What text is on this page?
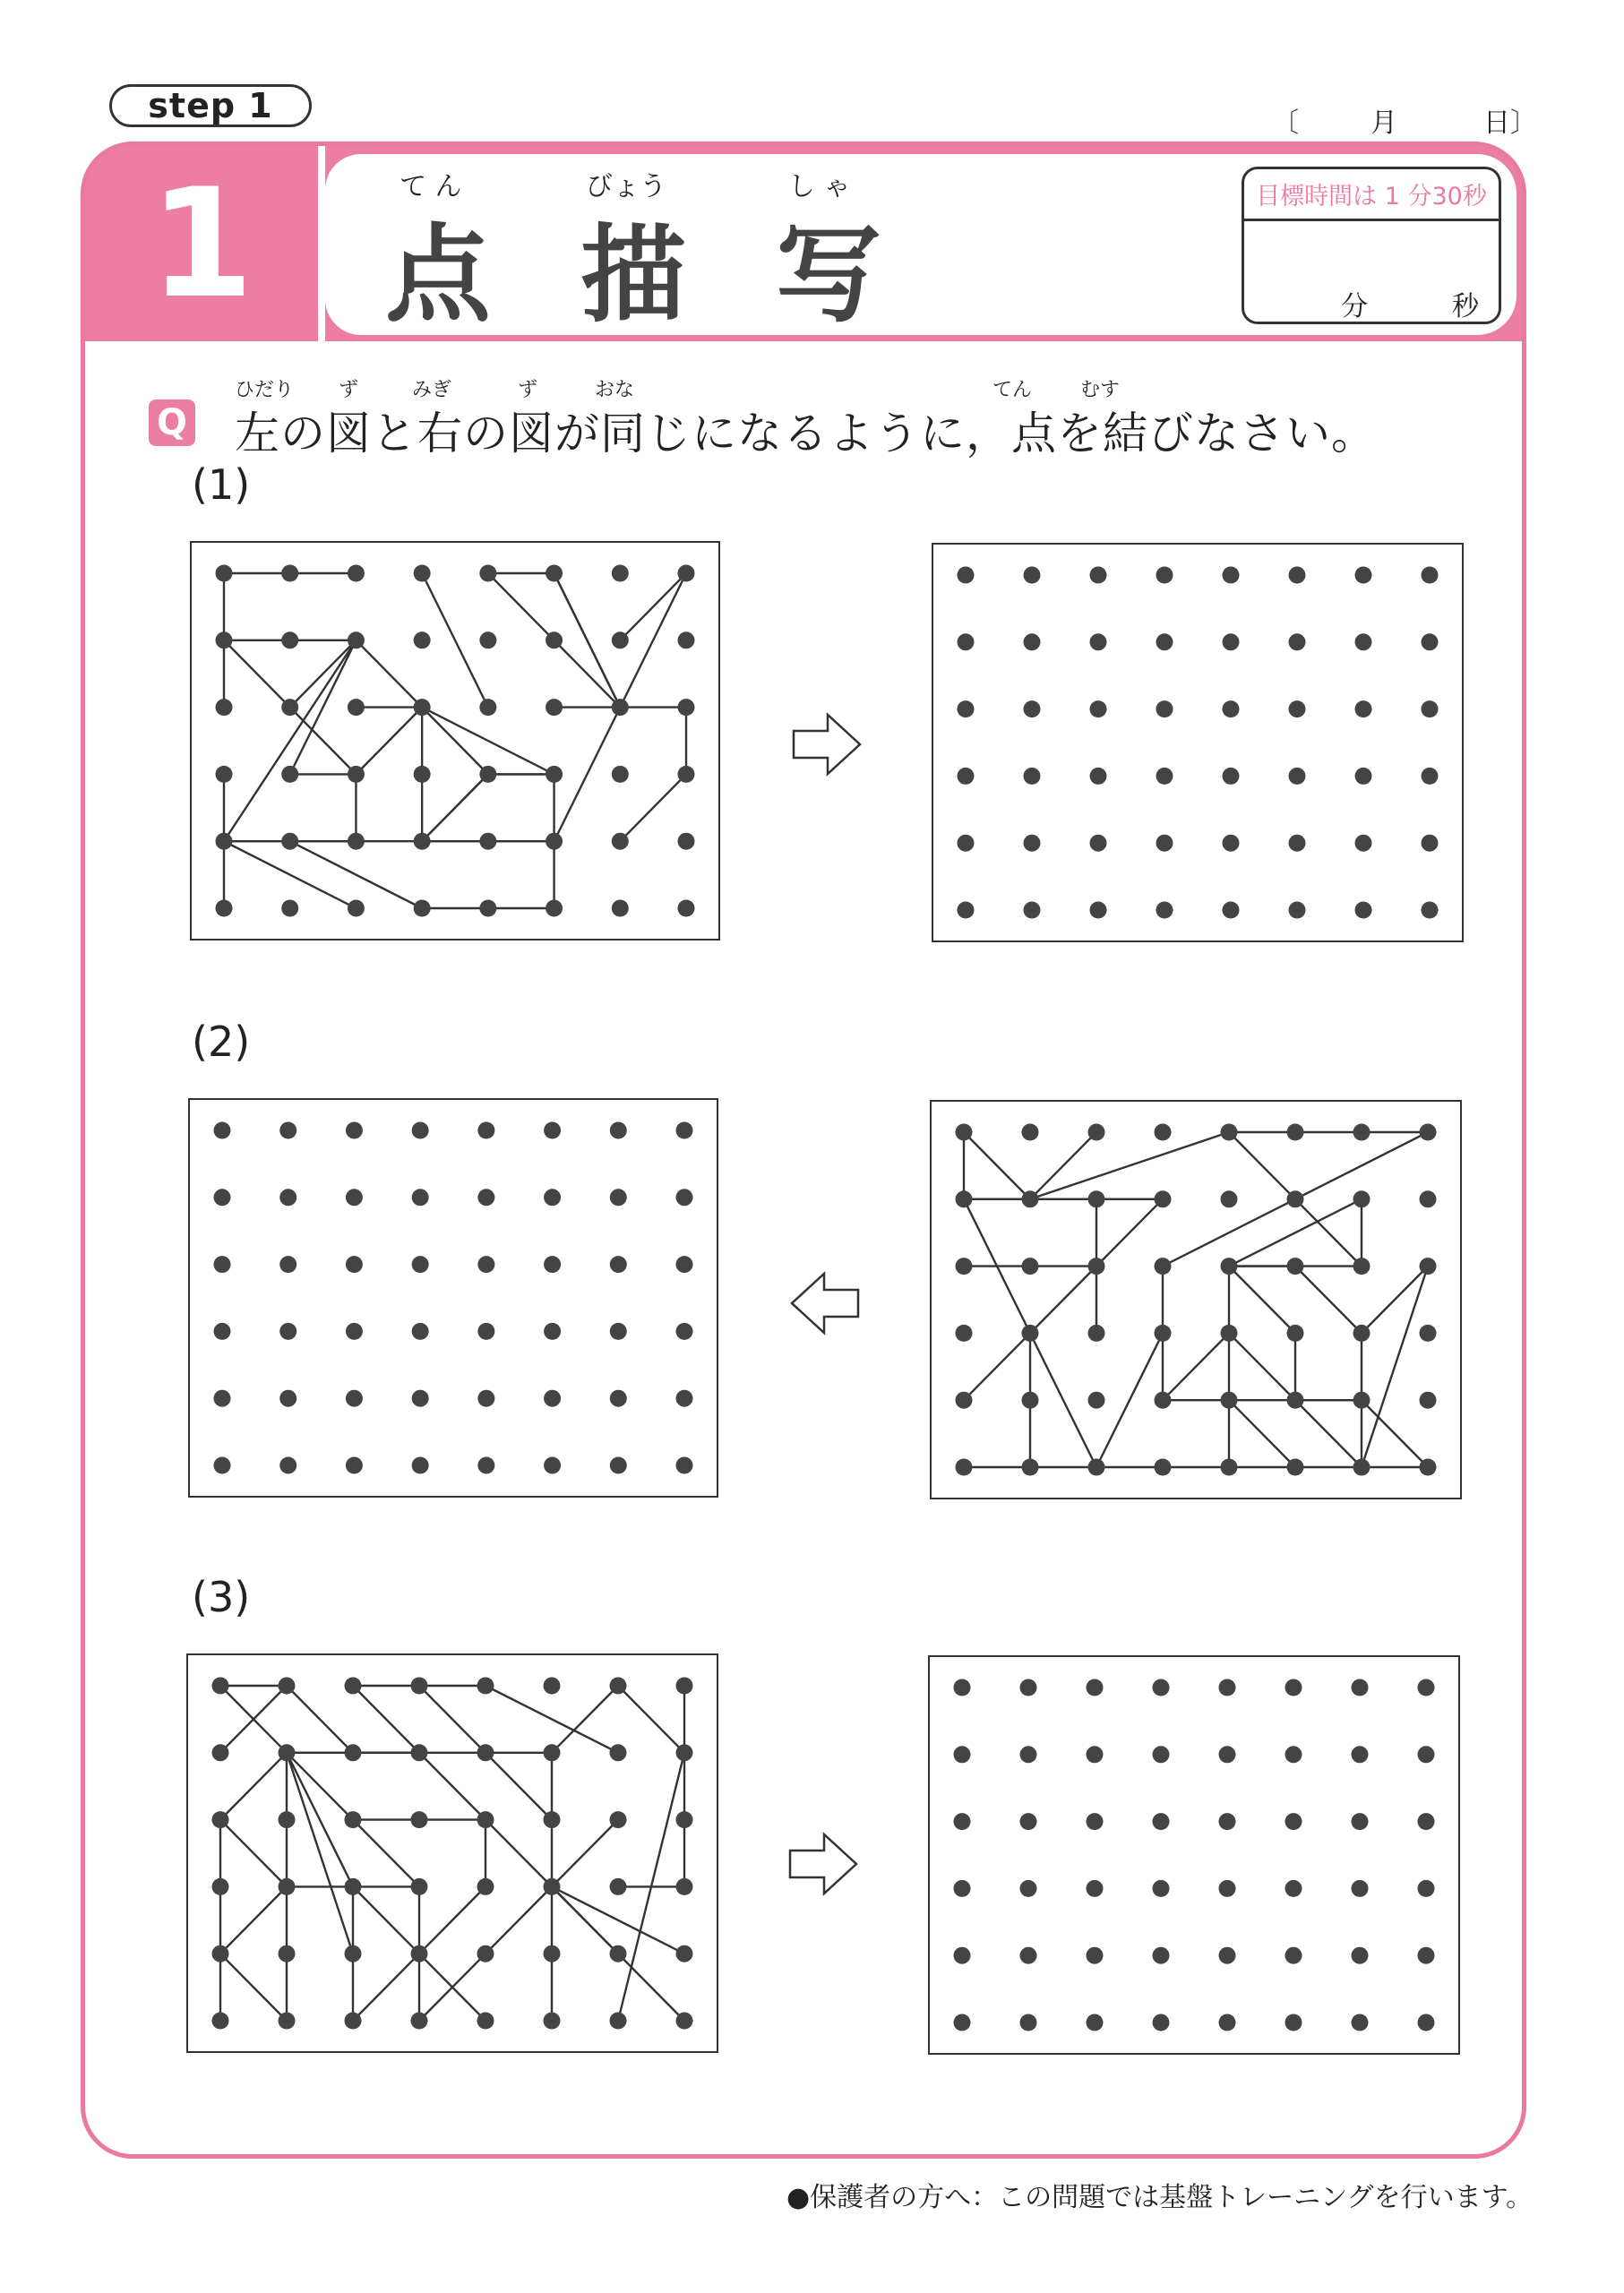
step 1	〔	月	日〕
1	て ん	びょう	し ゃ
点 描 写
目標時間は 1 分30秒
分	秒
Q
ひだり ず	みぎ	ず	おな	てん むす
左の図と右の図が同じになるように，点を結びなさい。
(1)
(2)
(3)
●保護者の方へ：この問題では基盤トレーニングを行います。
